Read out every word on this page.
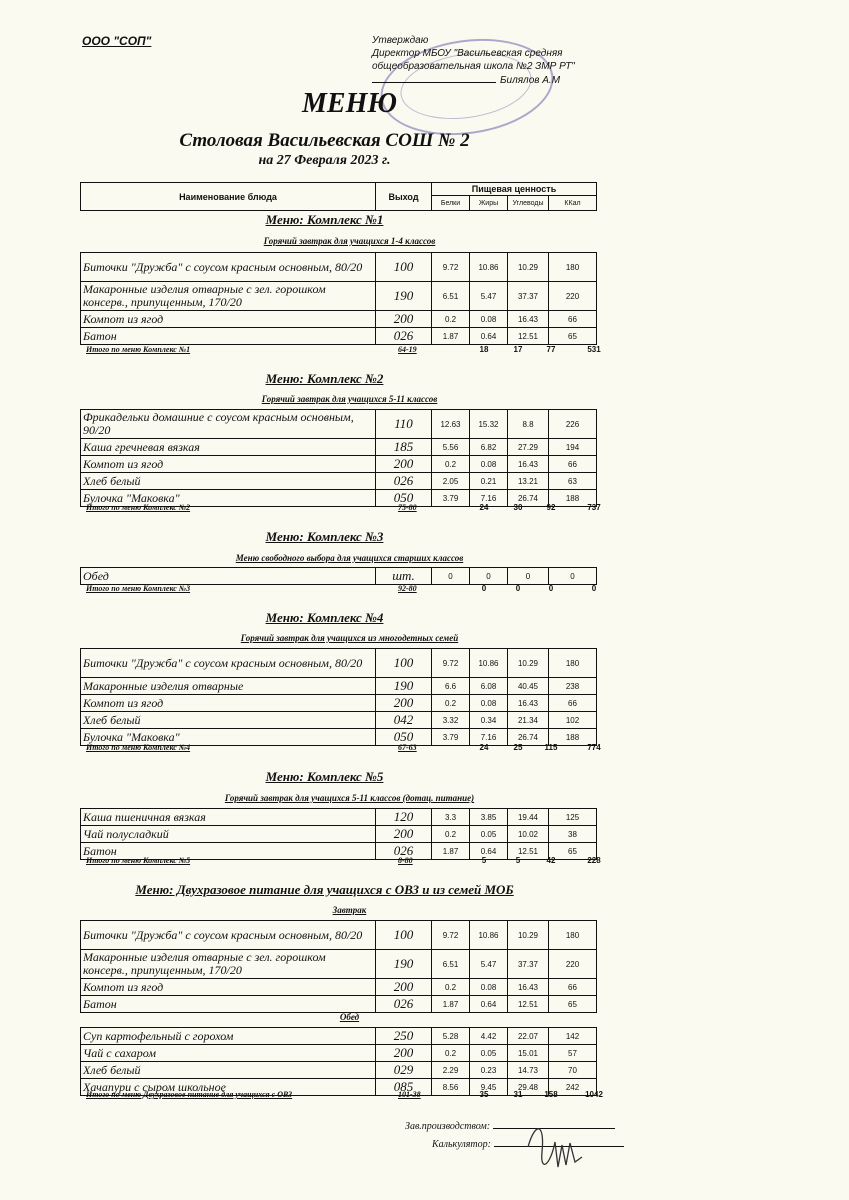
ООО "СОП"	Утверждаю
Директор МБОУ "Васильевская средняя
общеобразовательная школа №2 ЗМР РТ"
Билялов А.М
МЕНЮ
Столовая Васильевская СОШ № 2
на 27 Февраля 2023 г.
Наименование блюда	Выход	Пищевая ценность			
		Белки	Жиры	Углеводы	ККал
Меню: Комплекс №1
Горячий завтрак для учащихся 1-4 классов
Биточки "Дружба" с соусом красным основным, 80/20	100	9.72	10.86	10.29	180
Макаронные изделия отварные с зел. горошком консерв., припущенным, 170/20	190	6.51	5.47	37.37	220
Компот из ягод	200	0.2	0.08	16.43	66
Батон	026	1.87	0.64	12.51	65
Итого по меню Комплекс №1	64-19	18	17	77	531
Меню: Комплекс №2
Горячий завтрак для учащихся 5-11 классов
Фрикадельки домашние с соусом красным основным, 90/20	110	12.63	15.32	8.8	226
Каша гречневая вязкая	185	5.56	6.82	27.29	194
Компот из ягод	200	0.2	0.08	16.43	66
Хлеб белый	026	2.05	0.21	13.21	63
Булочка "Маковка"	050	3.79	7.16	26.74	188
Итого по меню Комплекс №2	75-80	24	30	92	737
Меню: Комплекс №3
Меню свободного выбора для учащихся старших классов
Обед	шт.	0	0	0	0
Итого по меню Комплекс №3	92-80	0	0	0	0
Меню: Комплекс №4
Горячий завтрак для учащихся из многодетных семей
Биточки "Дружба" с соусом красным основным, 80/20	100	9.72	10.86	10.29	180
Макаронные изделия отварные	190	6.6	6.08	40.45	238
Компот из ягод	200	0.2	0.08	16.43	66
Хлеб белый	042	3.32	0.34	21.34	102
Булочка "Маковка"	050	3.79	7.16	26.74	188
Итого по меню Комплекс №4	67-63	24	25	115	774
Меню: Комплекс №5
Горячий завтрак для учащихся 5-11 классов (дотац. питание)
Каша пшеничная вязкая	120	3.3	3.85	19.44	125
Чай полусладкий	200	0.2	0.05	10.02	38
Батон	026	1.87	0.64	12.51	65
Итого по меню Комплекс №5	8-80	5	5	42	228
Меню: Двухразовое питание для учащихся с ОВЗ и из семей МОБ
Завтрак
Биточки "Дружба" с соусом красным основным, 80/20	100	9.72	10.86	10.29	180
Макаронные изделия отварные с зел. горошком консерв., припущенным, 170/20	190	6.51	5.47	37.37	220
Компот из ягод	200	0.2	0.08	16.43	66
Батон	026	1.87	0.64	12.51	65
Обед
Суп картофельный с горохом	250	5.28	4.42	22.07	142
Чай с сахаром	200	0.2	0.05	15.01	57
Хлеб белый	029	2.29	0.23	14.73	70
Хачапури с сыром школьное	085	8.56	9.45	29.48	242
Итого по меню Двухразовое питание для учащихся с ОВЗ	101-38	35	31	158	1042
Зав.производством:
Калькулятор:
